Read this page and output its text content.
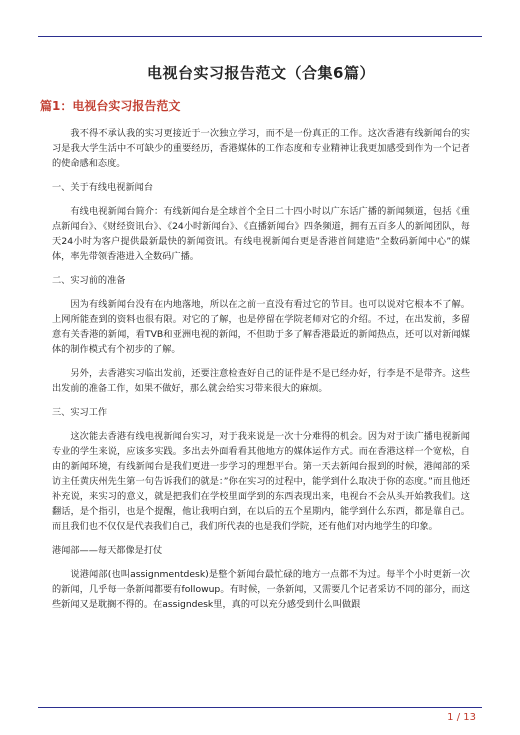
电视台实习报告范文（合集6篇）
篇1：电视台实习报告范文

我不得不承认我的实习更接近于一次独立学习，而不是一份真正的工作。这次香港有线新闻台的实习是我大学生活中不可缺少的重要经历，香港媒体的工作态度和专业精神让我更加感受到作为一个记者的使命感和态度。

一、关于有线电视新闻台

有线电视新闻台简介：有线新闻台是全球首个全日二十四小时以广东话广播的新闻频道，包括《重点新闻台》、《财经资讯台》、《24小时新闻台》、《直播新闻台》四条频道，拥有五百多人的新闻团队，每天24小时为客户提供最新最快的新闻资讯。有线电视新闻台更是香港首间建造”全数码新闻中心”的媒体，率先带领香港进入全数码广播。

二、实习前的准备

因为有线新闻台没有在内地落地，所以在之前一直没有看过它的节目。也可以说对它根本不了解。上网所能查到的资料也很有限。对它的了解，也是停留在学院老师对它的介绍。不过，在出发前，多留意有关香港的新闻，看TVB和亚洲电视的新闻，不但助于多了解香港最近的新闻热点，还可以对新闻媒体的制作模式有个初步的了解。

另外，去香港实习临出发前，还要注意检查好自己的证件是不是已经办好，行李是不是带齐。这些出发前的准备工作，如果不做好，那么就会给实习带来很大的麻烦。

三、实习工作

这次能去香港有线电视新闻台实习，对于我来说是一次十分难得的机会。因为对于读广播电视新闻专业的学生来说，应该多实践。多出去外面看看其他地方的媒体运作方式。而在香港这样一个宽松，自由的新闻环境，有线新闻台是我们更进一步学习的理想平台。第一天去新闻台报到的时候，港闻部的采访主任黄庆州先生第一句告诉我们的就是：”你在实习的过程中，能学到什么取决于你的态度。”而且他还补充说，来实习的意义，就是把我们在学校里面学到的东西表现出来，电视台不会从头开始教我们。这翻话，是个指引，也是个提醒，他让我明白到，在以后的五个星期内，能学到什么东西，都是靠自己。而且我们也不仅仅是代表我们自己，我们所代表的也是我们学院，还有他们对内地学生的印象。

港闻部——每天都像是打仗

说港闻部(也叫assignmentdesk)是整个新闻台最忙碌的地方一点都不为过。每半个小时更新一次的新闻，几乎每一条新闻都要有followup。有时候，一条新闻，又需要几个记者采访不同的部分，而这些新闻又是耽搁不得的。在assigndesk里，真的可以充分感受到什么叫做跟

1 / 13
